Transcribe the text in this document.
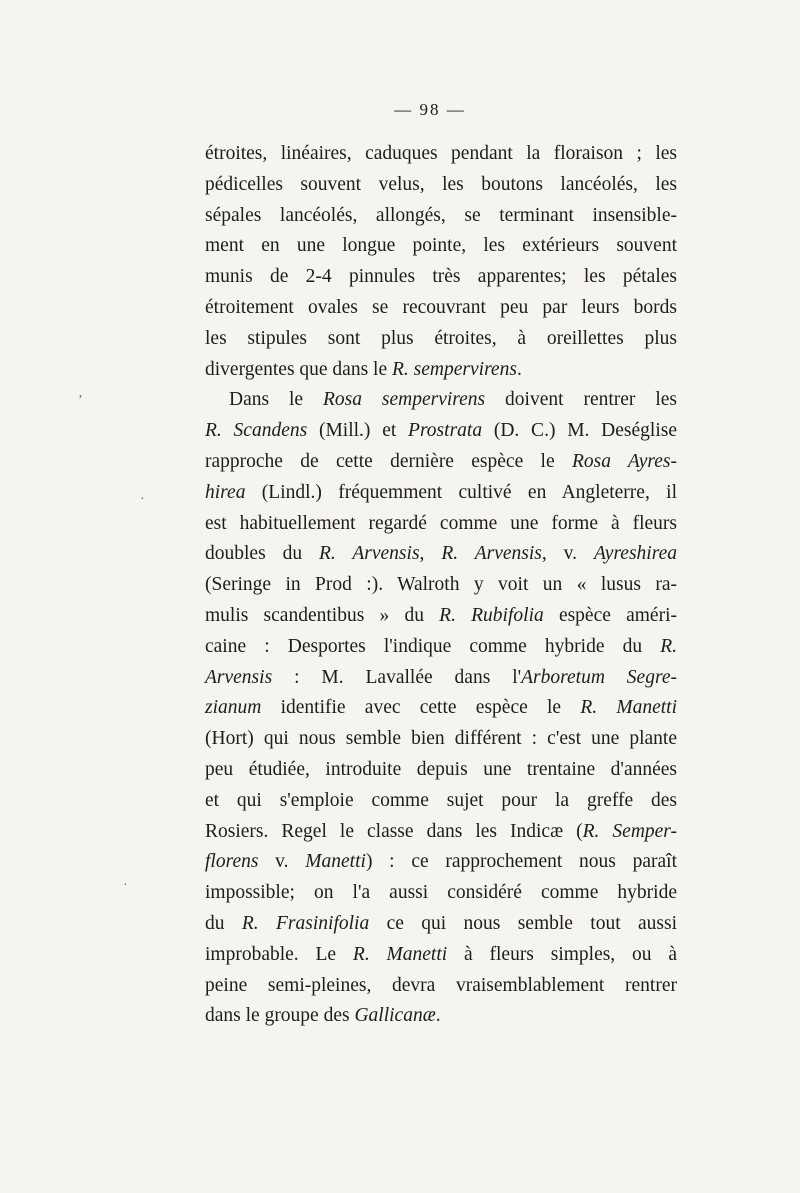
— 98 —
étroites, linéaires, caduques pendant la floraison ; les
pédicelles souvent velus, les boutons lancéolés, les
sépales lancéolés, allongés, se terminant insensible-
ment en une longue pointe, les extérieurs souvent
munis de 2-4 pinnules très apparentes; les pétales
étroitement ovales se recouvrant peu par leurs bords
les stipules sont plus étroites, à oreillettes plus
divergentes que dans le R. sempervirens.
Dans le Rosa sempervirens doivent rentrer les
R. Scandens (Mill.) et Prostrata (D. C.) M. Deséglise
rapproche de cette dernière espèce le Rosa Ayres-
hirea (Lindl.) fréquemment cultivé en Angleterre, il
est habituellement regardé comme une forme à fleurs
doubles du R. Arvensis, R. Arvensis, v. Ayreshirea
(Seringe in Prod :). Walroth y voit un « lusus ra-
mulis scandentibus » du R. Rubifolia espèce améri-
caine : Desportes l'indique comme hybride du R.
Arvensis : M. Lavallée dans l'Arboretum Segre-
zianum identifie avec cette espèce le R. Manetti
(Hort) qui nous semble bien différent : c'est une plante
peu étudiée, introduite depuis une trentaine d'années
et qui s'emploie comme sujet pour la greffe des
Rosiers. Regel le classe dans les Indicæ (R. Semper-
florens v. Manetti) : ce rapprochement nous paraît
impossible; on l'a aussi considéré comme hybride
du R. Frasinifolia ce qui nous semble tout aussi
improbable. Le R. Manetti à fleurs simples, ou à
peine semi-pleines, devra vraisemblablement rentrer
dans le groupe des Gallicanæ.
ʼ
·
·
